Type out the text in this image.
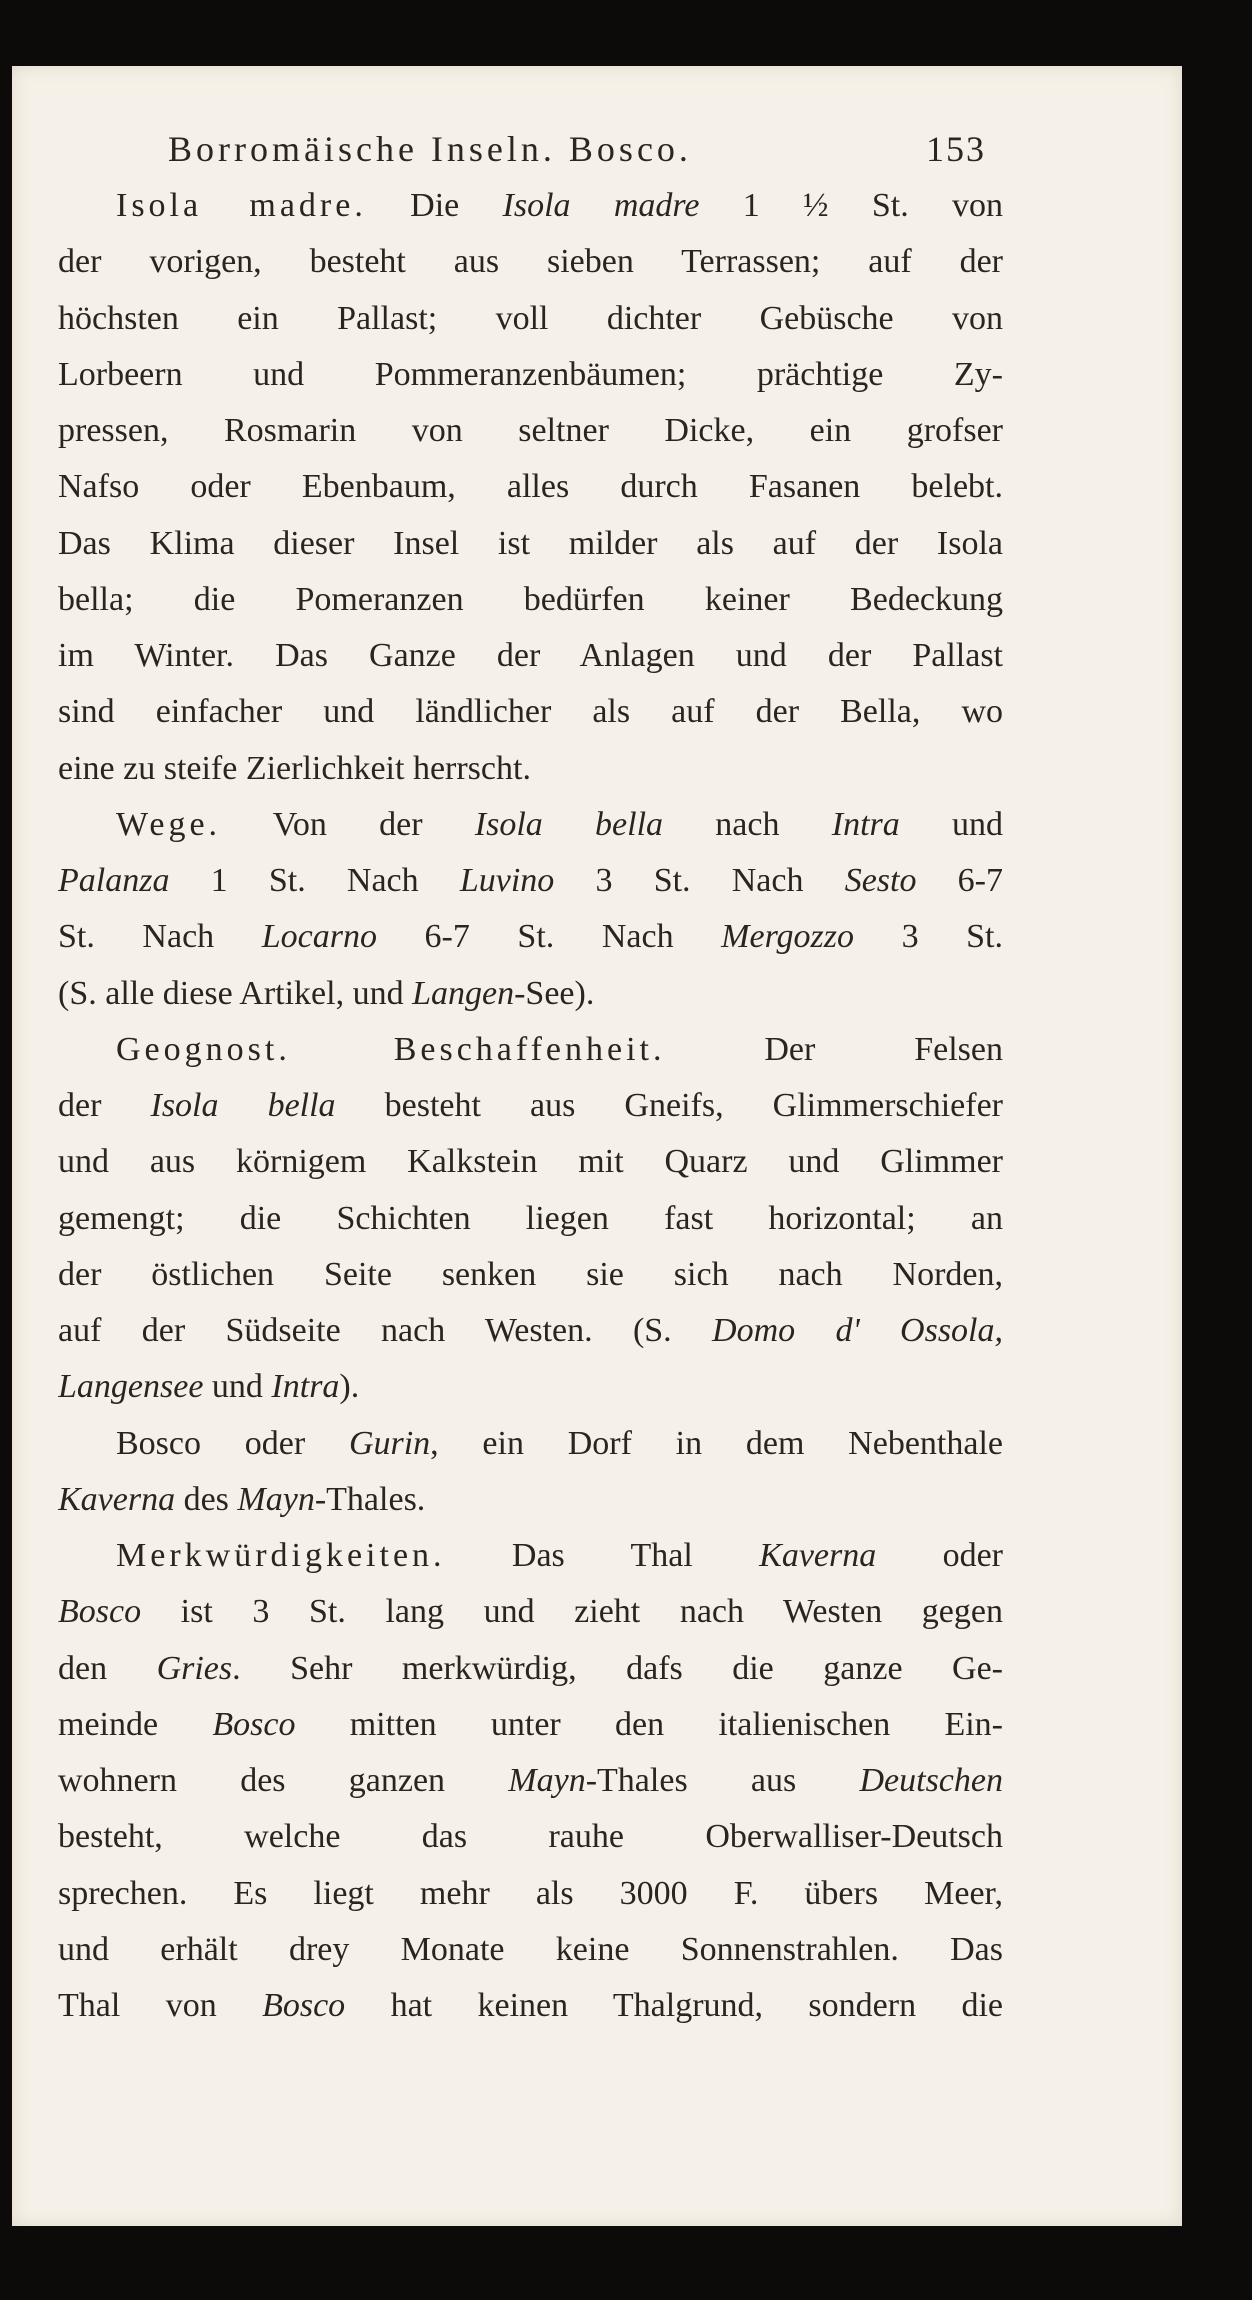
Borromäische Inseln. Bosco.	153
Isola madre. Die Isola madre 1 ½ St. von
der vorigen, besteht aus sieben Terrassen; auf der
höchsten ein Pallast; voll dichter Gebüsche von
Lorbeern und Pommeranzenbäumen; prächtige Zy-
pressen, Rosmarin von seltner Dicke, ein grofser
Nafso oder Ebenbaum, alles durch Fasanen belebt.
Das Klima dieser Insel ist milder als auf der Isola
bella; die Pomeranzen bedürfen keiner Bedeckung
im Winter. Das Ganze der Anlagen und der Pallast
sind einfacher und ländlicher als auf der Bella, wo
eine zu steife Zierlichkeit herrscht.
Wege. Von der Isola bella nach Intra und
Palanza 1 St. Nach Luvino 3 St. Nach Sesto 6-7
St. Nach Locarno 6-7 St. Nach Mergozzo 3 St.
(S. alle diese Artikel, und Langen-See).
Geognost. Beschaffenheit. Der Felsen
der Isola bella besteht aus Gneifs, Glimmerschiefer
und aus körnigem Kalkstein mit Quarz und Glimmer
gemengt; die Schichten liegen fast horizontal; an
der östlichen Seite senken sie sich nach Norden,
auf der Südseite nach Westen. (S. Domo d' Ossola,
Langensee und Intra).
Bosco oder Gurin, ein Dorf in dem Nebenthale
Kaverna des Mayn-Thales.
Merkwürdigkeiten. Das Thal Kaverna oder
Bosco ist 3 St. lang und zieht nach Westen gegen
den Gries. Sehr merkwürdig, dafs die ganze Ge-
meinde Bosco mitten unter den italienischen Ein-
wohnern des ganzen Mayn-Thales aus Deutschen
besteht, welche das rauhe Oberwalliser-Deutsch
sprechen. Es liegt mehr als 3000 F. übers Meer,
und erhält drey Monate keine Sonnenstrahlen. Das
Thal von Bosco hat keinen Thalgrund, sondern die
